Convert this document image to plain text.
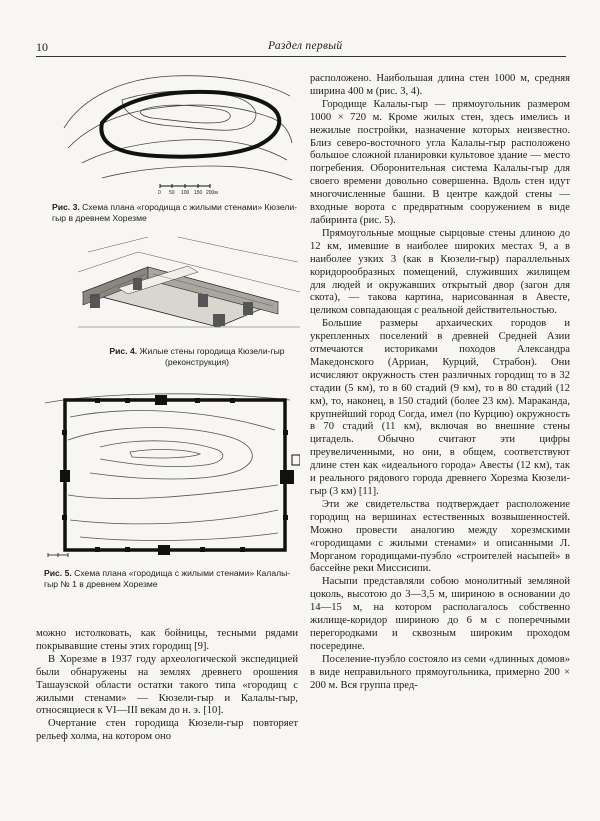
10	Раздел первый
0 50 100 150 200м
Рис. 3. Схема плана «городища с жилыми стенами» Кюзели-гыр в древнем Хорезме
Рис. 4. Жилые стены городища Кюзели-гыр (реконструкция)
Рис. 5. Схема плана «городища с жилыми стенами» Калалы-гыр № 1 в древнем Хорезме

можно истолковать, как бойницы, тесными рядами покрывавшие стены этих городищ [9].

В Хорезме в 1937 году археологической экспедицией были обнаружены на землях древнего орошения Ташаузской области остатки такого типа «городищ с жилыми стенами» — Кюзели-гыр и Калалы-гыр, относящиеся к VI—III векам до н. э. [10].

Очертание стен городища Кюзели-гыр повторяет рельеф холма, на котором оно

расположено. Наибольшая длина стен 1000 м, средняя ширина 400 м (рис. 3, 4).

Городище Калалы-гыр — прямоугольник размером 1000 × 720 м. Кроме жилых стен, здесь имелись и нежилые постройки, назначение которых неизвестно. Близ северо-восточного угла Калалы-гыр расположено большое сложной планировки культовое здание — место погребения. Оборонительная система Калалы-гыр для своего времени довольно совершенна. Вдоль стен идут многочисленные башни. В центре каждой стены — входные ворота с предвратным сооружением в виде лабиринта (рис. 5).

Прямоугольные мощные сырцовые стены длиною до 12 км, имевшие в наиболее широких местах 9, а в наиболее узких 3 (как в Кюзели-гыр) параллельных коридорообразных помещений, служивших жилищем для людей и окружавших открытый двор (загон для скота), — такова картина, нарисованная в Авесте, целиком совпадающая с реальной действительностью.

Большие размеры архаических городов и укрепленных поселений в древней Средней Азии отмечаются историками походов Александра Македонского (Арриан, Курций, Страбон). Они исчисляют окружность стен различных городищ то в 32 стадии (5 км), то в 60 стадий (9 км), то в 80 стадий (12 км), то, наконец, в 150 стадий (более 23 км). Мараканда, крупнейший город Согда, имел (по Курцию) окружность в 70 стадий (11 км), включая во внешние стены цитадель. Обычно считают эти цифры преувеличенными, но они, в общем, соответствуют длине стен как «идеального города» Авесты (12 км), так и реального рядового города древнего Хорезма Кюзели-гыр (3 км) [11].

Эти же свидетельства подтверждает расположение городищ на вершинах естественных возвышенностей. Можно провести аналогию между хорезмскими «городищами с жилыми стенами» и описанными Л. Морганом городищами-пуэбло «строителей насыпей» в бассейне реки Миссисипи.

Насыпи представляли собою монолитный земляной цоколь, высотою до 3—3,5 м, шириною в основании до 14—15 м, на котором располагалось собственно жилище-коридор шириною до 6 м с поперечными перегородками и сквозным широким проходом посередине.

Поселение-пуэбло состояло из семи «длинных домов» в виде неправильного прямоугольника, примерно 200 × 200 м. Вся группа пред-
